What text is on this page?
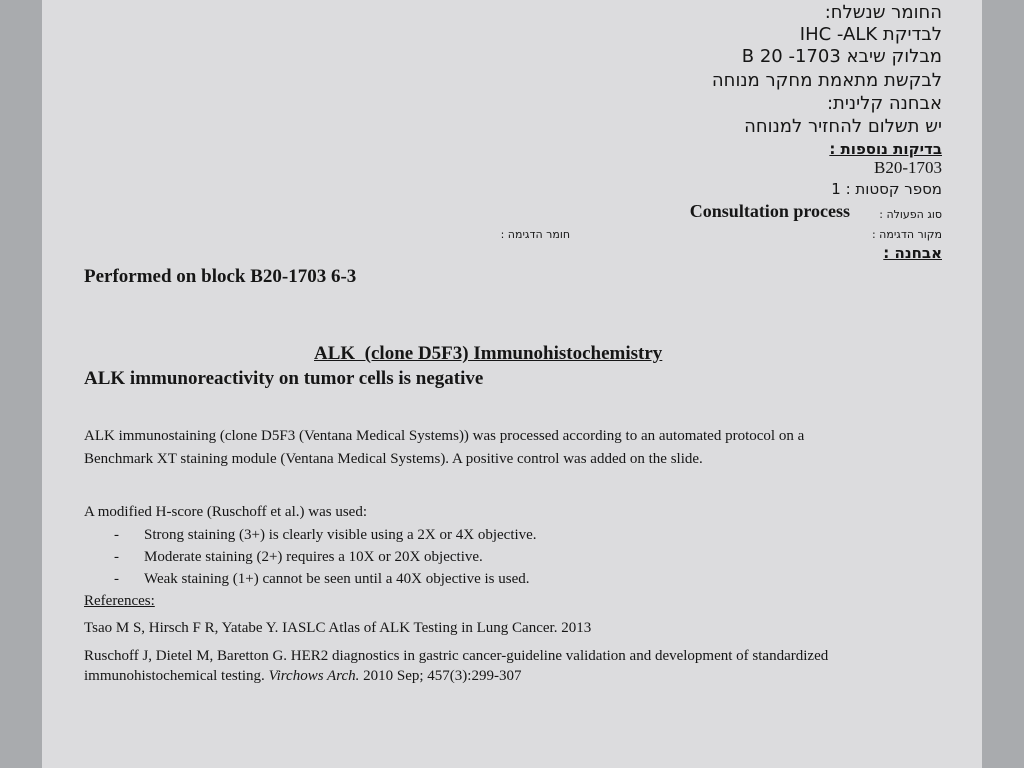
החומר שנשלח:
לבדיקת IHC -ALK
מבלוק שיבא 1703- B 20
לבקשת מתאמת מחקר מנוחה
אבחנה קלינית:
יש תשלום להחזיר למנוחה
בדיקות נוספות :
B20-1703
מספר קסטות : 1
סוג הפעולה :
Consultation process
מקור הדגימה :
חומר הדגימה :
אבחנה :
Performed on block B20-1703 6-3
ALK  (clone D5F3) Immunohistochemistry
ALK immunoreactivity on tumor cells is negative
ALK immunostaining (clone D5F3 (Ventana Medical Systems)) was processed according to an automated protocol on a
Benchmark XT staining module (Ventana Medical Systems). A positive control was added on the slide.
A modified H-score (Ruschoff et al.) was used:
- Strong staining (3+) is clearly visible using a 2X or 4X objective.
- Moderate staining (2+) requires a 10X or 20X objective.
- Weak staining (1+) cannot be seen until a 40X objective is used.
References:
Tsao M S, Hirsch F R, Yatabe Y. IASLC Atlas of ALK Testing in Lung Cancer. 2013
Ruschoff J, Dietel M, Baretton G. HER2 diagnostics in gastric cancer-guideline validation and development of standardized
immunohistochemical testing. Virchows Arch. 2010 Sep; 457(3):299-307
